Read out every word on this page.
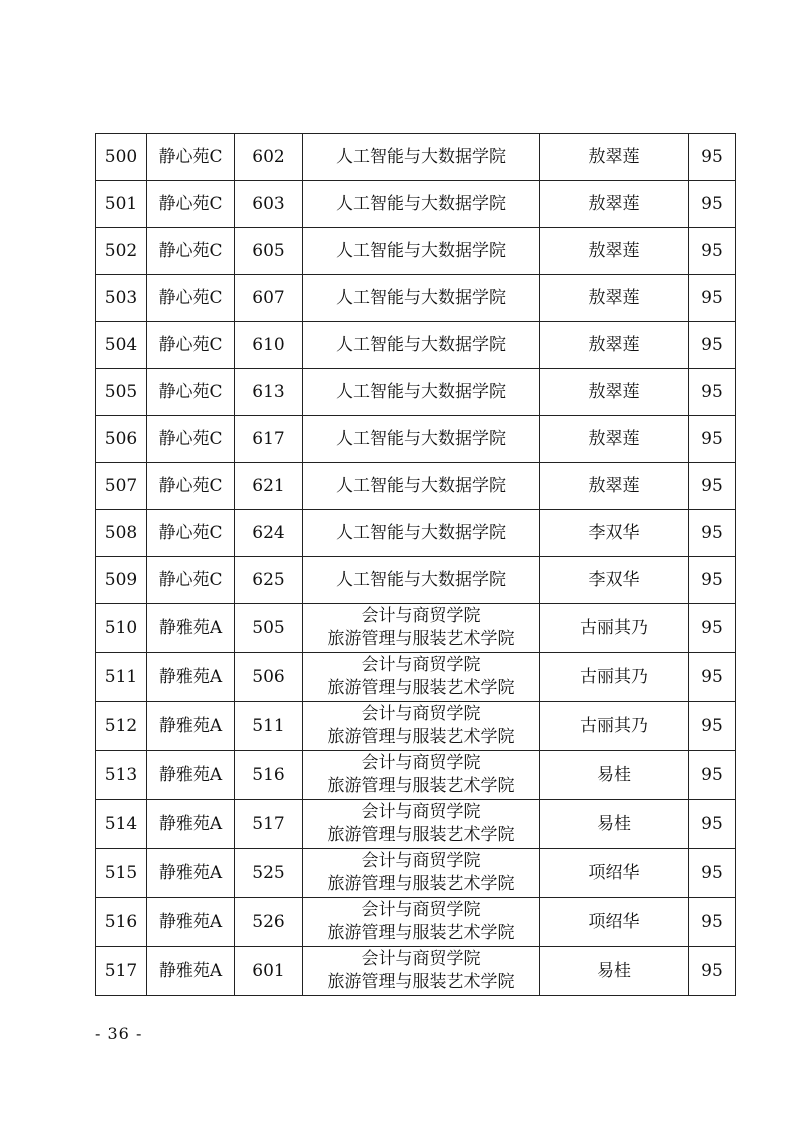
500	静心苑C	602	人工智能与大数据学院	敖翠莲	95
501	静心苑C	603	人工智能与大数据学院	敖翠莲	95
502	静心苑C	605	人工智能与大数据学院	敖翠莲	95
503	静心苑C	607	人工智能与大数据学院	敖翠莲	95
504	静心苑C	610	人工智能与大数据学院	敖翠莲	95
505	静心苑C	613	人工智能与大数据学院	敖翠莲	95
506	静心苑C	617	人工智能与大数据学院	敖翠莲	95
507	静心苑C	621	人工智能与大数据学院	敖翠莲	95
508	静心苑C	624	人工智能与大数据学院	李双华	95
509	静心苑C	625	人工智能与大数据学院	李双华	95
510	静雅苑A	505	会计与商贸学院
旅游管理与服装艺术学院	古丽其乃	95
511	静雅苑A	506	会计与商贸学院
旅游管理与服装艺术学院	古丽其乃	95
512	静雅苑A	511	会计与商贸学院
旅游管理与服装艺术学院	古丽其乃	95
513	静雅苑A	516	会计与商贸学院
旅游管理与服装艺术学院	易桂	95
514	静雅苑A	517	会计与商贸学院
旅游管理与服装艺术学院	易桂	95
515	静雅苑A	525	会计与商贸学院
旅游管理与服装艺术学院	项绍华	95
516	静雅苑A	526	会计与商贸学院
旅游管理与服装艺术学院	项绍华	95
517	静雅苑A	601	会计与商贸学院
旅游管理与服装艺术学院	易桂	95
- 36 -
